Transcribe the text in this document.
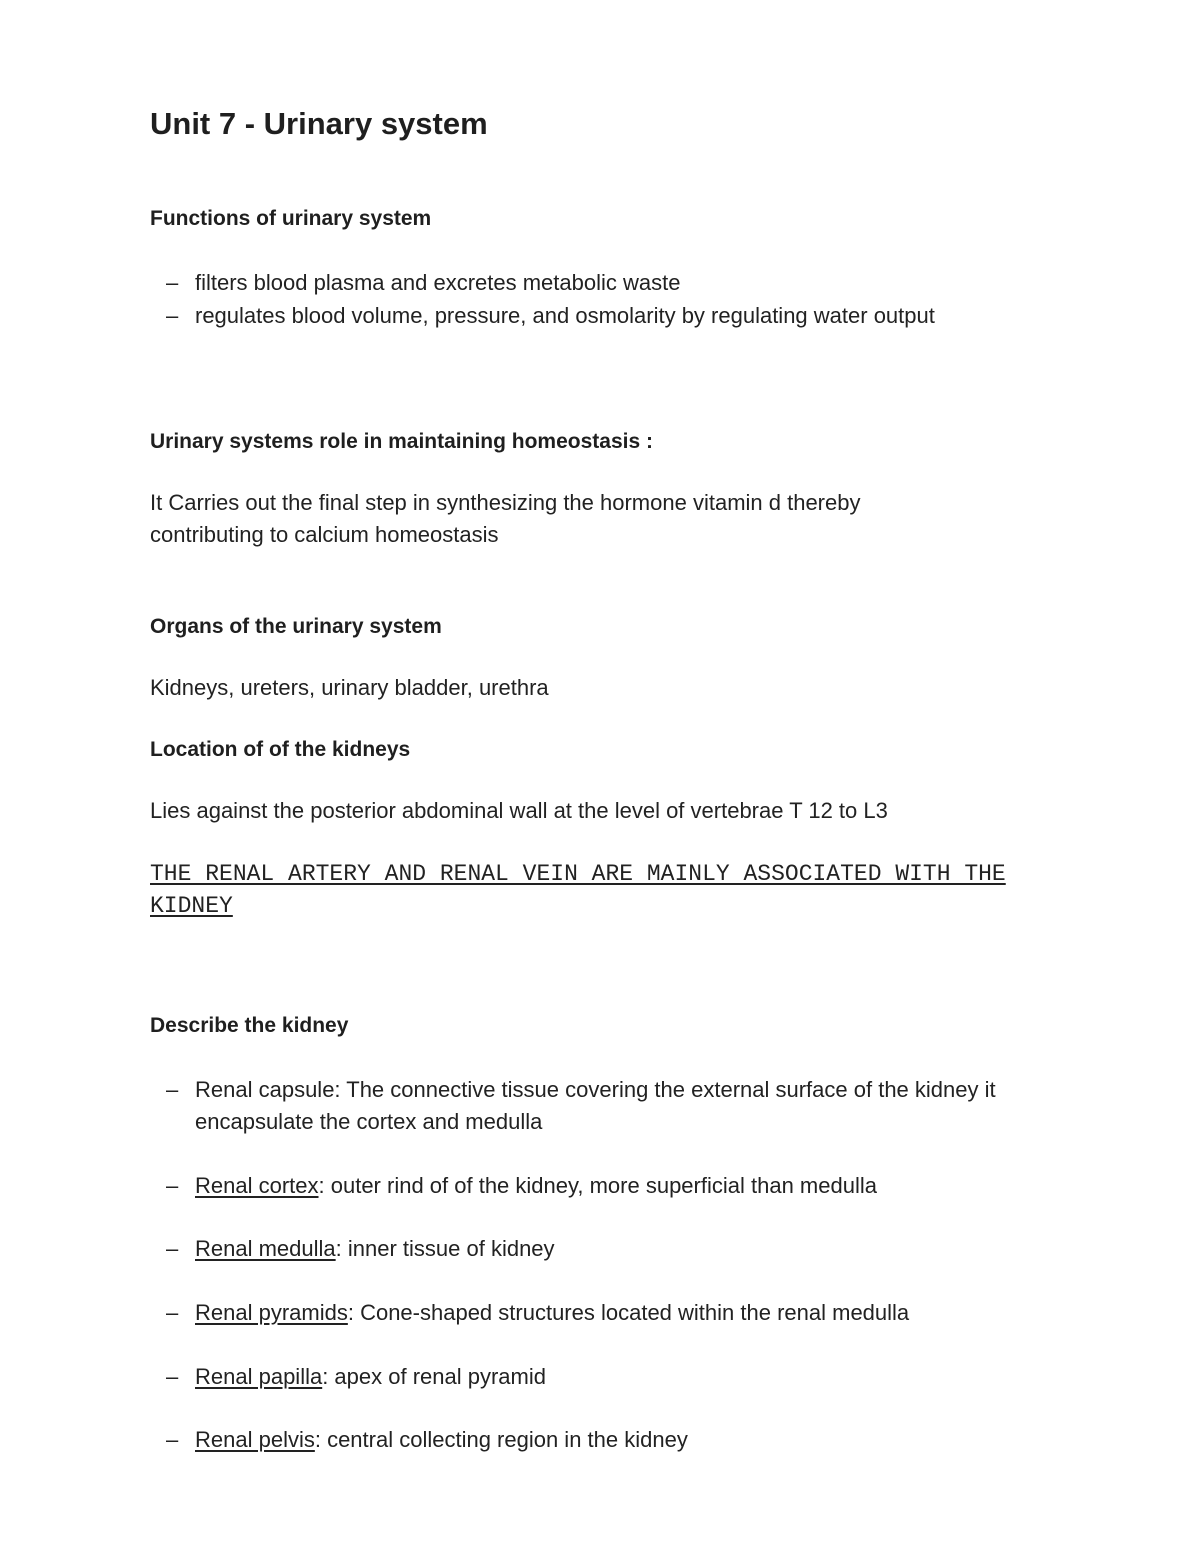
Unit 7 - Urinary system
Functions of urinary system
– filters blood plasma and excretes metabolic waste
– regulates blood volume, pressure, and osmolarity by regulating water output
Urinary systems role in maintaining homeostasis :
It Carries out the final step in synthesizing the hormone vitamin d thereby contributing to calcium homeostasis
Organs of the urinary system
Kidneys, ureters, urinary bladder, urethra
Location of of the kidneys
Lies against the posterior abdominal wall at the level of vertebrae T 12 to L3
THE RENAL ARTERY AND RENAL VEIN ARE MAINLY ASSOCIATED WITH THE KIDNEY
Describe the kidney
– Renal capsule: The connective tissue covering the external surface of the kidney it encapsulate the cortex and medulla
– Renal cortex: outer rind of of the kidney, more superficial than medulla
– Renal medulla: inner tissue of kidney
– Renal pyramids: Cone-shaped structures located within the renal medulla
– Renal papilla: apex of renal pyramid
– Renal pelvis: central collecting region in the kidney
